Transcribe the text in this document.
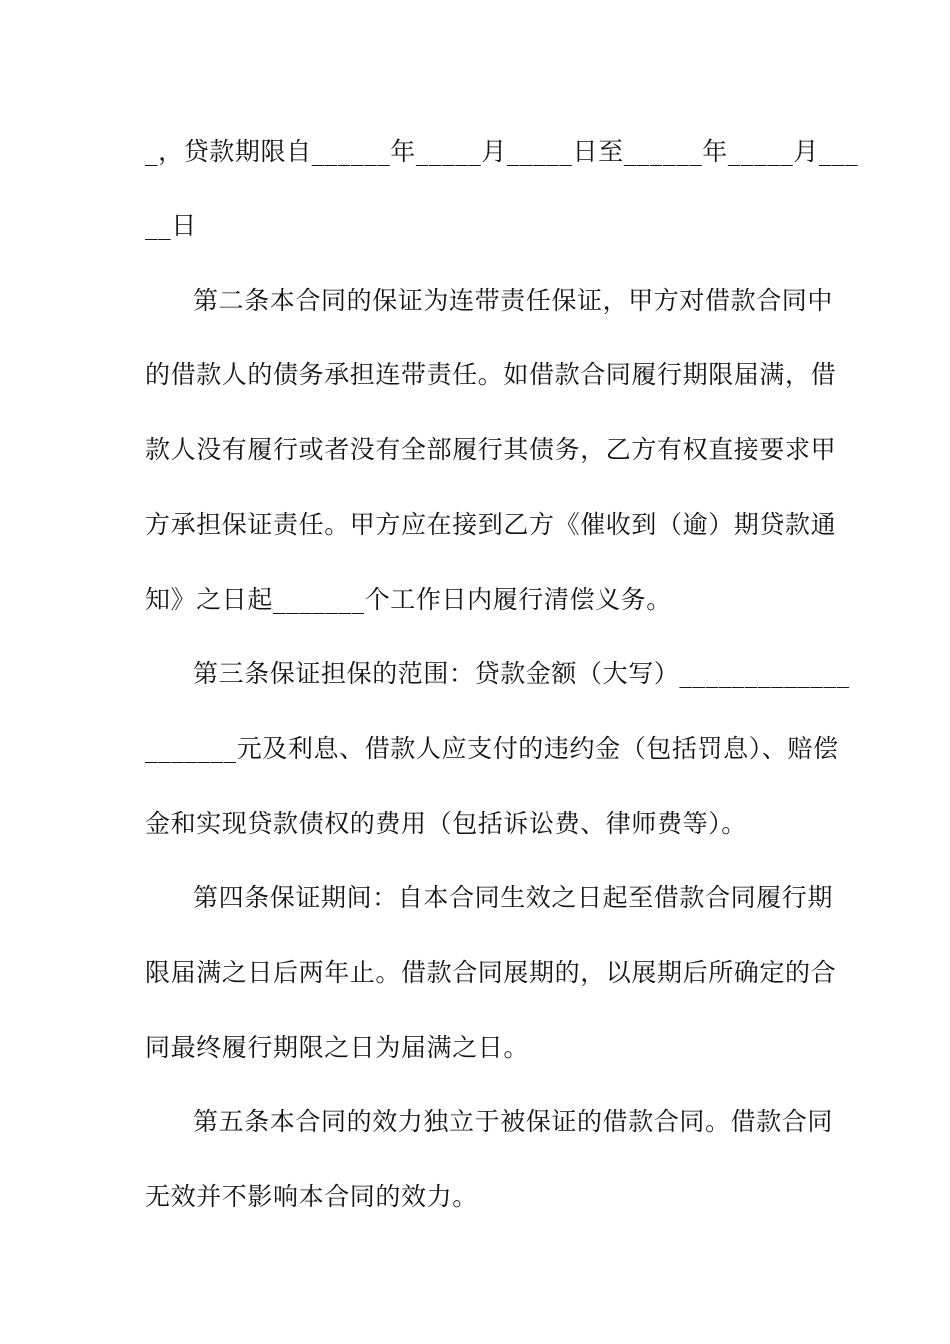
_，贷款期限自______年_____月_____日至______年_____月___
__日
第二条本合同的保证为连带责任保证，甲方对借款合同中
的借款人的债务承担连带责任。如借款合同履行期限届满，借
款人没有履行或者没有全部履行其债务，乙方有权直接要求甲
方承担保证责任。甲方应在接到乙方《催收到（逾）期贷款通
知》之日起_______个工作日内履行清偿义务。
第三条保证担保的范围：贷款金额（大写）_____________
_______元及利息、借款人应支付的违约金（包括罚息）、赔偿
金和实现贷款债权的费用（包括诉讼费、律师费等）。
第四条保证期间：自本合同生效之日起至借款合同履行期
限届满之日后两年止。借款合同展期的，以展期后所确定的合
同最终履行期限之日为届满之日。
第五条本合同的效力独立于被保证的借款合同。借款合同
无效并不影响本合同的效力。
